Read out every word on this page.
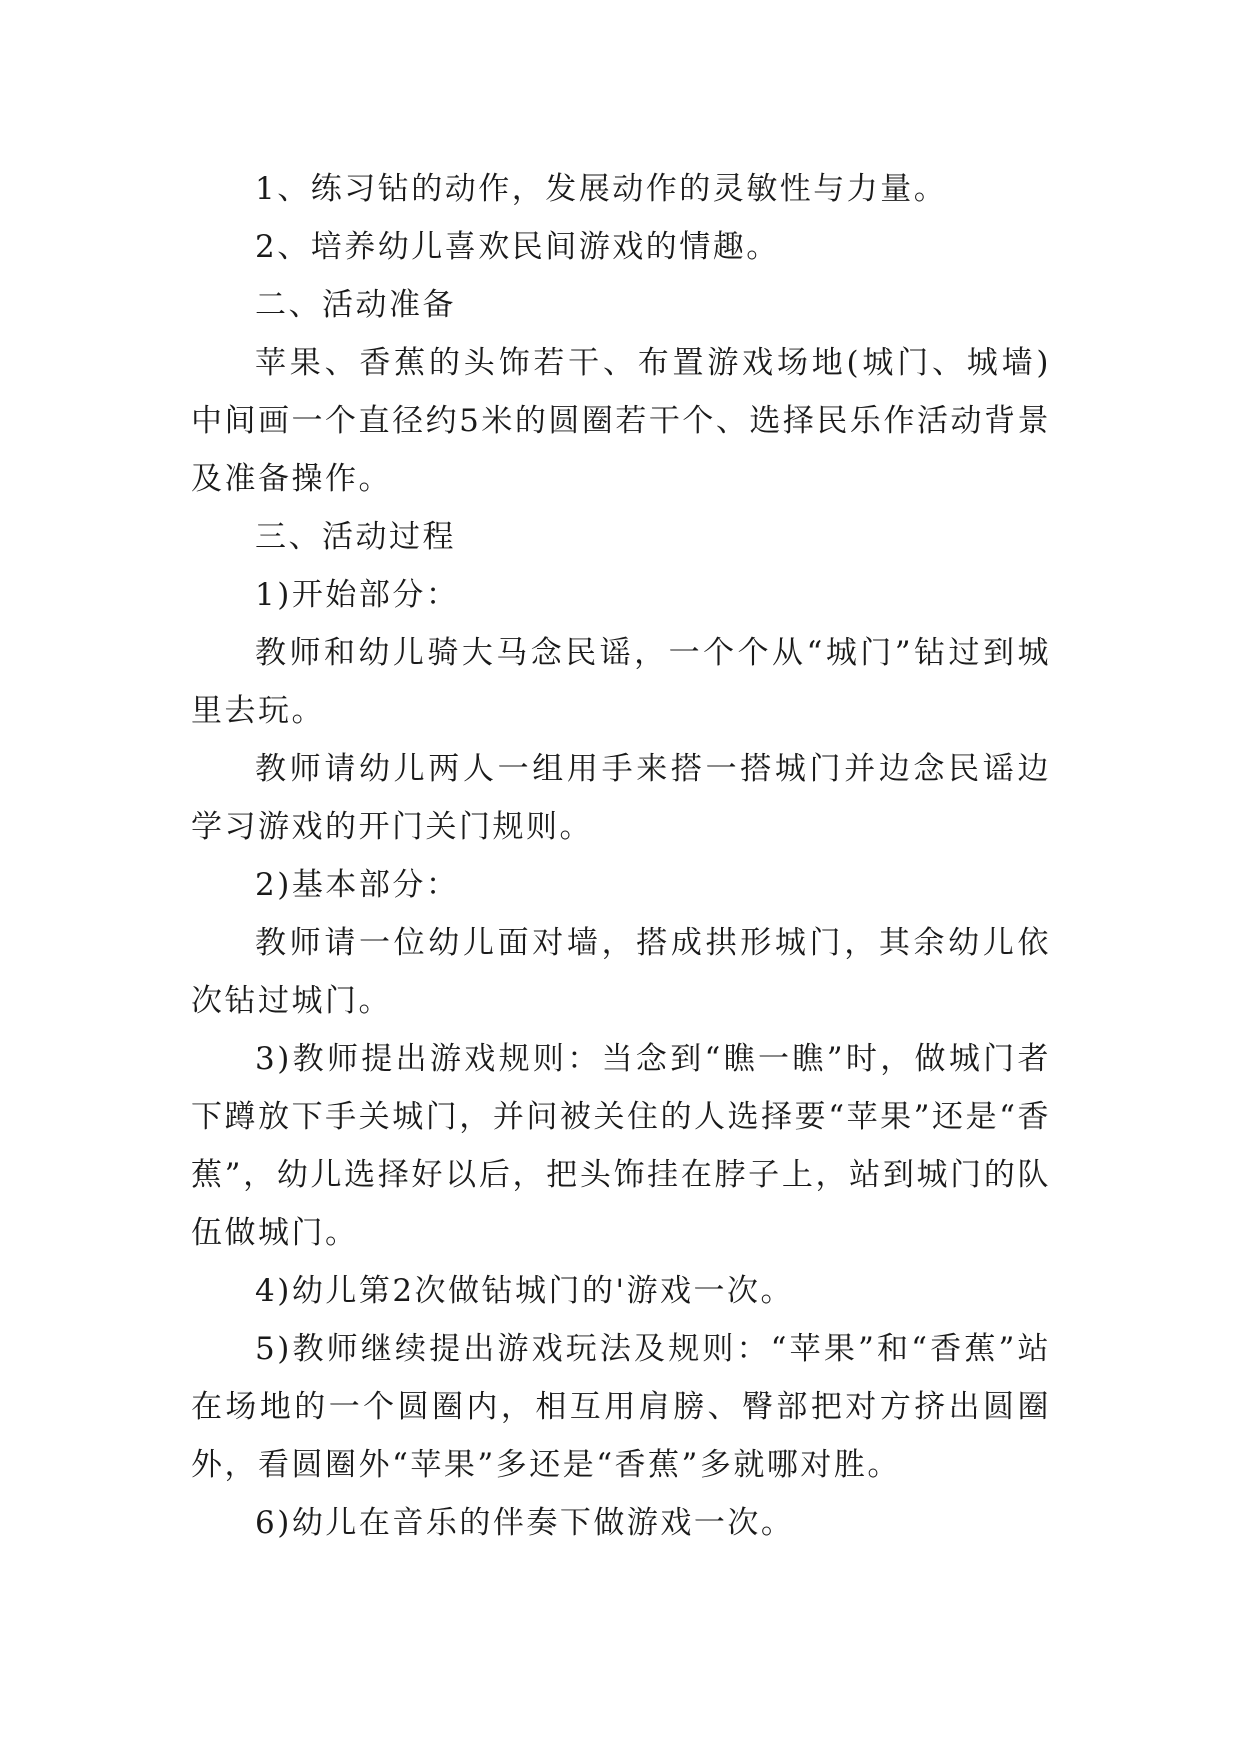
1、练习钻的动作，发展动作的灵敏性与力量。

2、培养幼儿喜欢民间游戏的情趣。

二、活动准备

苹果、香蕉的头饰若干、布置游戏场地(城门、城墙)中间画一个直径约5米的圆圈若干个、选择民乐作活动背景及准备操作。

三、活动过程

1)开始部分：

教师和幼儿骑大马念民谣，一个个从“城门”钻过到城里去玩。

教师请幼儿两人一组用手来搭一搭城门并边念民谣边学习游戏的开门关门规则。

2)基本部分：

教师请一位幼儿面对墙，搭成拱形城门，其余幼儿依次钻过城门。

3)教师提出游戏规则：当念到“瞧一瞧”时，做城门者下蹲放下手关城门，并问被关住的人选择要“苹果”还是“香蕉”，幼儿选择好以后，把头饰挂在脖子上，站到城门的队伍做城门。

4)幼儿第2次做钻城门的'游戏一次。

5)教师继续提出游戏玩法及规则：“苹果”和“香蕉”站在场地的一个圆圈内，相互用肩膀、臀部把对方挤出圆圈外，看圆圈外“苹果”多还是“香蕉”多就哪对胜。

6)幼儿在音乐的伴奏下做游戏一次。
